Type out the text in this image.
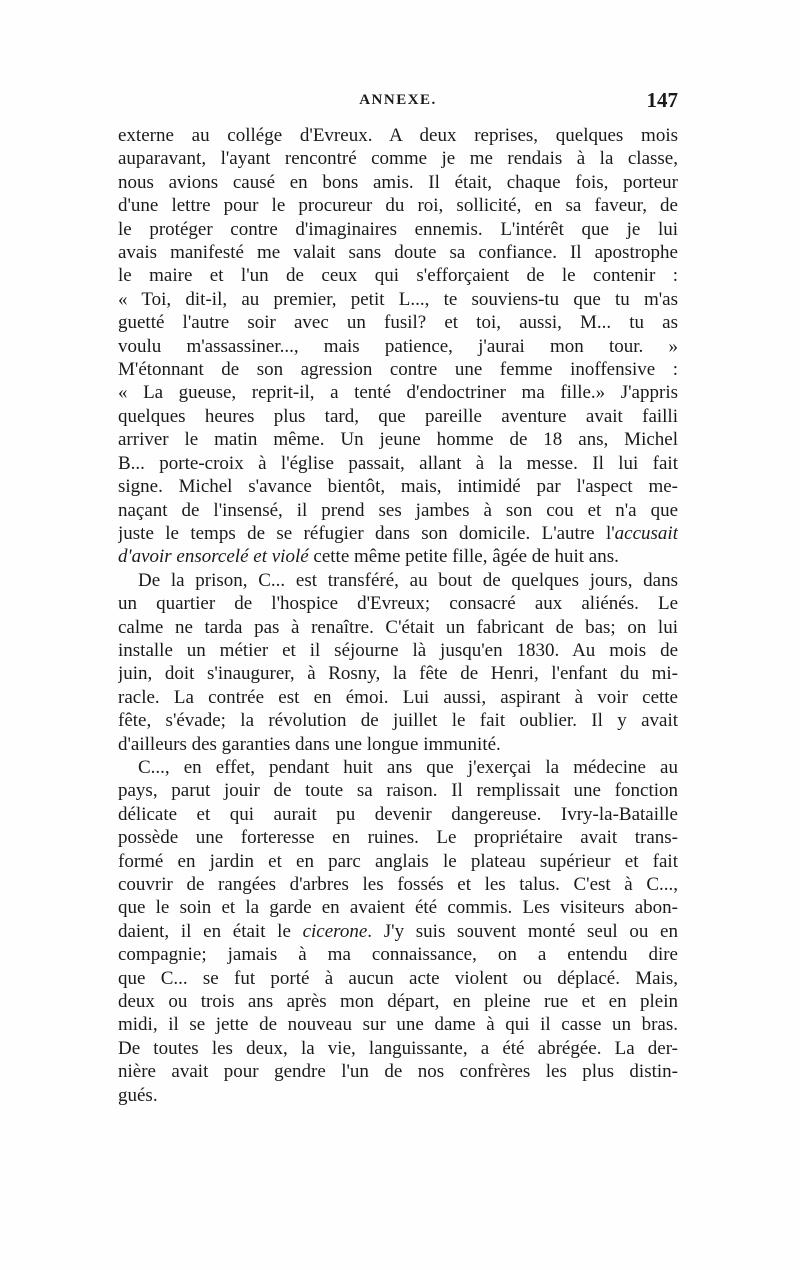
ANNEXE.	147
externe au collége d'Evreux. A deux reprises, quelques mois
auparavant, l'ayant rencontré comme je me rendais à la classe,
nous avions causé en bons amis. Il était, chaque fois, porteur
d'une lettre pour le procureur du roi, sollicité, en sa faveur, de
le protéger contre d'imaginaires ennemis. L'intérêt que je lui
avais manifesté me valait sans doute sa confiance. Il apostrophe
le maire et l'un de ceux qui s'efforçaient de le contenir :
« Toi, dit-il, au premier, petit L..., te souviens-tu que tu m'as
guetté l'autre soir avec un fusil? et toi, aussi, M... tu as
voulu m'assassiner..., mais patience, j'aurai mon tour. »
M'étonnant de son agression contre une femme inoffensive :
« La gueuse, reprit-il, a tenté d'endoctriner ma fille.» J'appris
quelques heures plus tard, que pareille aventure avait failli
arriver le matin même. Un jeune homme de 18 ans, Michel
B... porte-croix à l'église passait, allant à la messe. Il lui fait
signe. Michel s'avance bientôt, mais, intimidé par l'aspect me-
naçant de l'insensé, il prend ses jambes à son cou et n'a que
juste le temps de se réfugier dans son domicile. L'autre l'accusait
d'avoir ensorcelé et violé cette même petite fille, âgée de huit ans.
De la prison, C... est transféré, au bout de quelques jours, dans
un quartier de l'hospice d'Evreux; consacré aux aliénés. Le
calme ne tarda pas à renaître. C'était un fabricant de bas; on lui
installe un métier et il séjourne là jusqu'en 1830. Au mois de
juin, doit s'inaugurer, à Rosny, la fête de Henri, l'enfant du mi-
racle. La contrée est en émoi. Lui aussi, aspirant à voir cette
fête, s'évade; la révolution de juillet le fait oublier. Il y avait
d'ailleurs des garanties dans une longue immunité.
C..., en effet, pendant huit ans que j'exerçai la médecine au
pays, parut jouir de toute sa raison. Il remplissait une fonction
délicate et qui aurait pu devenir dangereuse. Ivry-la-Bataille
possède une forteresse en ruines. Le propriétaire avait trans-
formé en jardin et en parc anglais le plateau supérieur et fait
couvrir de rangées d'arbres les fossés et les talus. C'est à C...,
que le soin et la garde en avaient été commis. Les visiteurs abon-
daient, il en était le cicerone. J'y suis souvent monté seul ou en
compagnie; jamais à ma connaissance, on a entendu dire
que C... se fut porté à aucun acte violent ou déplacé. Mais,
deux ou trois ans après mon départ, en pleine rue et en plein
midi, il se jette de nouveau sur une dame à qui il casse un bras.
De toutes les deux, la vie, languissante, a été abrégée. La der-
nière avait pour gendre l'un de nos confrères les plus distin-
gués.
